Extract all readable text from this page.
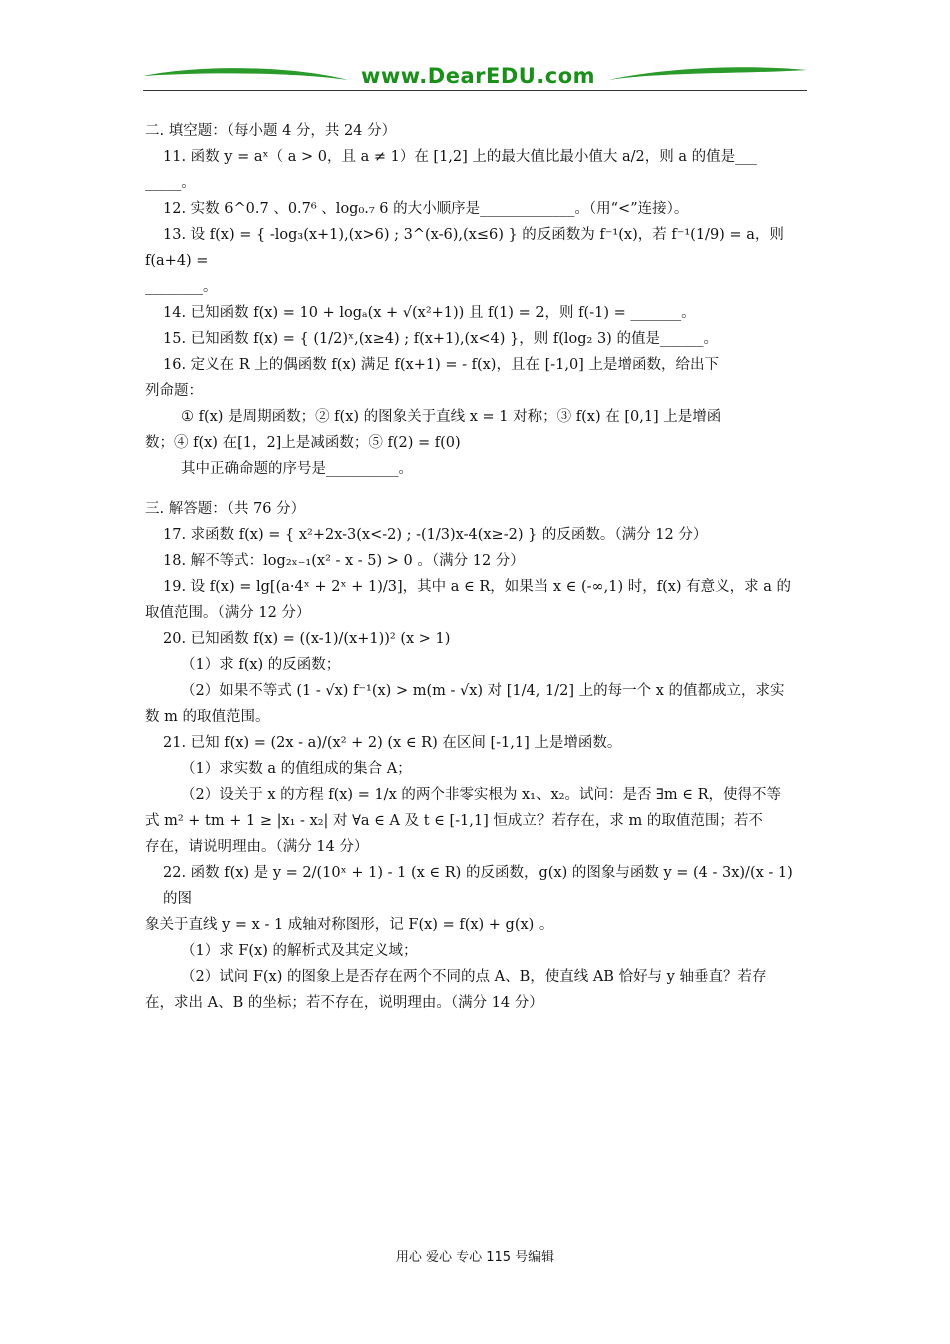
www.DearEDU.com

二. 填空题：（每小题 4 分，共 24 分）

11. 函数 y = aˣ（ a > 0，且 a ≠ 1）在 [1,2] 上的最大值比最小值大 a/2，则 a 的值是___

_____。

12. 实数 6^0.7 、0.7⁶ 、log₀.₇ 6 的大小顺序是_____________。（用“<”连接）。

13. 设 f(x) = { -log₃(x+1),(x>6) ; 3^(x-6),(x≤6) } 的反函数为 f⁻¹(x)，若 f⁻¹(1/9) = a，则

f(a+4) =

________。

14. 已知函数 f(x) = 10 + logₐ(x + √(x²+1)) 且 f(1) = 2，则 f(-1) = _______。

15. 已知函数 f(x) = { (1/2)ˣ,(x≥4) ; f(x+1),(x<4) }，则 f(log₂ 3) 的值是______。

16. 定义在 R 上的偶函数 f(x) 满足 f(x+1) = - f(x)，且在 [-1,0] 上是增函数，给出下

列命题：

① f(x) 是周期函数；② f(x) 的图象关于直线 x = 1 对称；③ f(x) 在 [0,1] 上是增函

数；④ f(x) 在[1，2]上是减函数；⑤ f(2) = f(0)

其中正确命题的序号是__________。

三. 解答题：（共 76 分）

17. 求函数 f(x) = { x²+2x-3(x<-2) ; -(1/3)x-4(x≥-2) } 的反函数。（满分 12 分）

18. 解不等式：log₂ₓ₋₁(x² - x - 5) > 0 。（满分 12 分）

19. 设 f(x) = lg[(a·4ˣ + 2ˣ + 1)/3]，其中 a ∈ R，如果当 x ∈ (-∞,1) 时，f(x) 有意义，求 a 的

取值范围。（满分 12 分）

20. 已知函数 f(x) = ((x-1)/(x+1))² (x > 1)

（1）求 f(x) 的反函数；

（2）如果不等式 (1 - √x) f⁻¹(x) > m(m - √x) 对 [1/4, 1/2] 上的每一个 x 的值都成立，求实

数 m 的取值范围。

21. 已知 f(x) = (2x - a)/(x² + 2) (x ∈ R) 在区间 [-1,1] 上是增函数。

（1）求实数 a 的值组成的集合 A；

（2）设关于 x 的方程 f(x) = 1/x 的两个非零实根为 x₁、x₂。试问：是否 ∃m ∈ R，使得不等

式 m² + tm + 1 ≥ |x₁ - x₂| 对 ∀a ∈ A 及 t ∈ [-1,1] 恒成立？若存在，求 m 的取值范围；若不

存在，请说明理由。（满分 14 分）

22. 函数 f(x) 是 y = 2/(10ˣ + 1) - 1 (x ∈ R) 的反函数，g(x) 的图象与函数 y = (4 - 3x)/(x - 1) 的图

象关于直线 y = x - 1 成轴对称图形，记 F(x) = f(x) + g(x) 。

（1）求 F(x) 的解析式及其定义域；

（2）试问 F(x) 的图象上是否存在两个不同的点 A、B，使直线 AB 恰好与 y 轴垂直？若存

在，求出 A、B 的坐标；若不存在，说明理由。（满分 14 分）

用心 爱心 专心 115 号编辑
